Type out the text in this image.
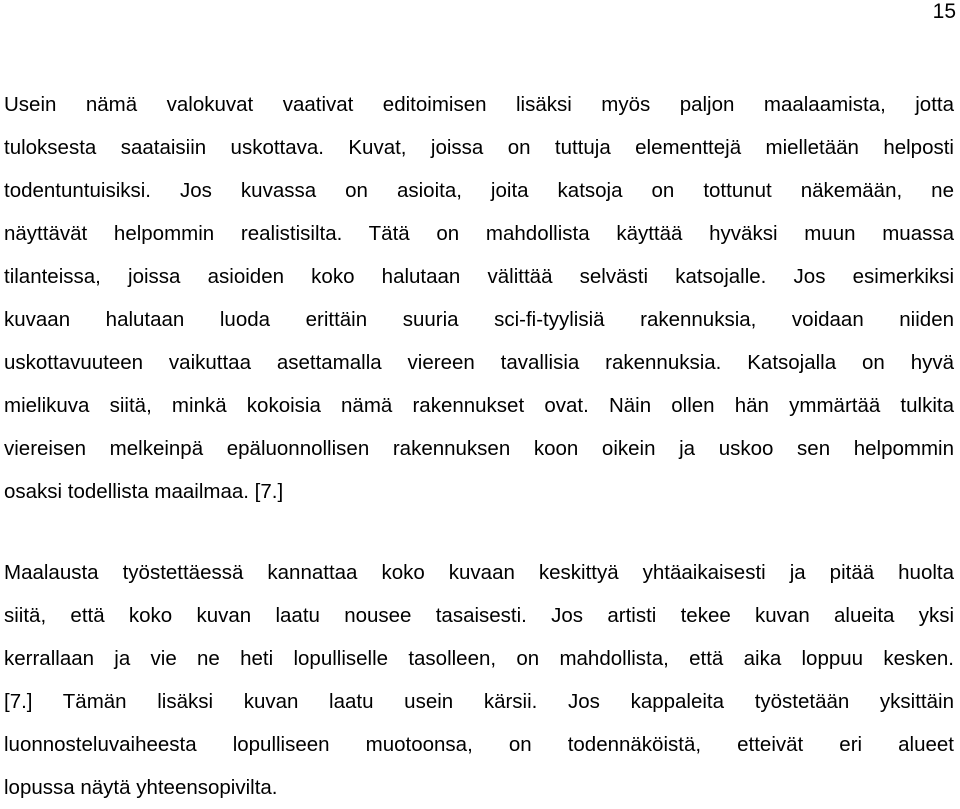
15
Usein nämä valokuvat vaativat editoimisen lisäksi myös paljon maalaamista, jotta
tuloksesta saataisiin uskottava. Kuvat, joissa on tuttuja elementtejä mielletään helposti
todentuntuisiksi. Jos kuvassa on asioita, joita katsoja on tottunut näkemään, ne
näyttävät helpommin realistisilta. Tätä on mahdollista käyttää hyväksi muun muassa
tilanteissa, joissa asioiden koko halutaan välittää selvästi katsojalle. Jos esimerkiksi
kuvaan halutaan luoda erittäin suuria sci-fi-tyylisiä rakennuksia, voidaan niiden
uskottavuuteen vaikuttaa asettamalla viereen tavallisia rakennuksia. Katsojalla on hyvä
mielikuva siitä, minkä kokoisia nämä rakennukset ovat. Näin ollen hän ymmärtää tulkita
viereisen melkeinpä epäluonnollisen rakennuksen koon oikein ja uskoo sen helpommin
osaksi todellista maailmaa. [7.]
Maalausta työstettäessä kannattaa koko kuvaan keskittyä yhtäaikaisesti ja pitää huolta
siitä, että koko kuvan laatu nousee tasaisesti. Jos artisti tekee kuvan alueita yksi
kerrallaan ja vie ne heti lopulliselle tasolleen, on mahdollista, että aika loppuu kesken.
[7.] Tämän lisäksi kuvan laatu usein kärsii. Jos kappaleita työstetään yksittäin
luonnosteluvaiheesta lopulliseen muotoonsa, on todennäköistä, etteivät eri alueet
lopussa näytä yhteensopivilta.
